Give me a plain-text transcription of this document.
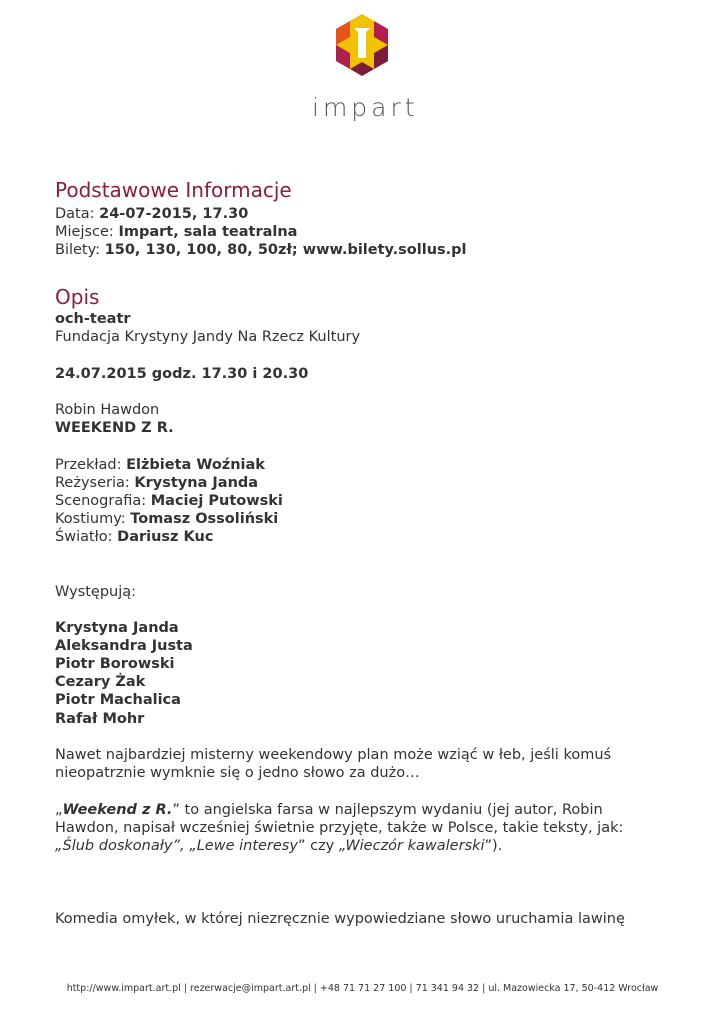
impart
Podstawowe Informacje
Data: 24-07-2015, 17.30
Miejsce: Impart, sala teatralna
Bilety: 150, 130, 100, 80, 50zł; www.bilety.sollus.pl
Opis
och-teatr
Fundacja Krystyny Jandy Na Rzecz Kultury
24.07.2015 godz. 17.30 i 20.30
Robin Hawdon
WEEKEND Z R.
Przekład: Elżbieta Woźniak
Reżyseria: Krystyna Janda
Scenografia: Maciej Putowski
Kostiumy: Tomasz Ossoliński
Światło: Dariusz Kuc
Występują:
Krystyna Janda
Aleksandra Justa
Piotr Borowski
Cezary Żak
Piotr Machalica
Rafał Mohr
Nawet najbardziej misterny weekendowy plan może wziąć w łeb, jeśli komuś
nieopatrznie wymknie się o jedno słowo za dużo…
„Weekend z R.” to angielska farsa w najlepszym wydaniu (jej autor, Robin
Hawdon, napisał wcześniej świetnie przyjęte, także w Polsce, takie teksty, jak:
„Ślub doskonały”, „Lewe interesy” czy „Wieczór kawalerski”).
Komedia omyłek, w której niezręcznie wypowiedziane słowo uruchamia lawinę
http://www.impart.art.pl | rezerwacje@impart.art.pl | +48 71 71 27 100 | 71 341 94 32 | ul. Mazowiecka 17, 50-412 Wrocław
